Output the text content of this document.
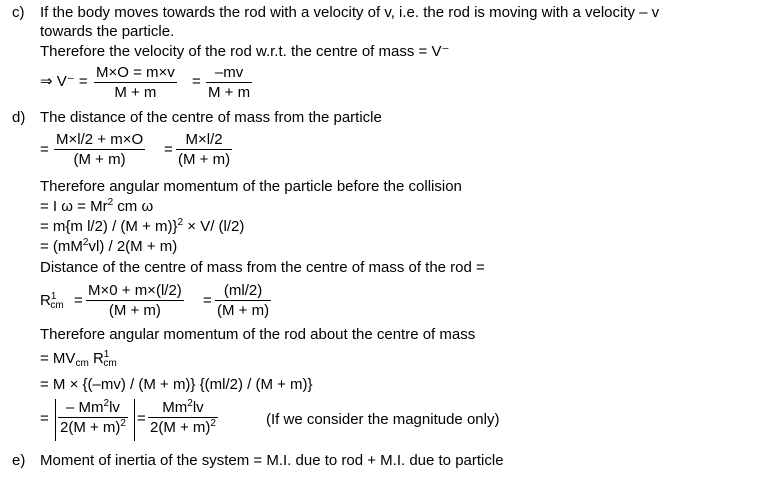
c) If the body moves towards the rod with a velocity of v, i.e. the rod is moving with a velocity – v
towards the particle.
Therefore the velocity of the rod w.r.t. the centre of mass = V⁻
⇒ $V^- = \frac{M\times O = m\times v}{M + m} = \frac{-mv}{M + m}$
d) The distance of the centre of mass from the particle
= $\frac{M\times l/2 + m\times O}{(M + m)} = \frac{M\times l/2}{(M + m)}$
Therefore angular momentum of the particle before the collision
= I $\omega = Mr^2$ cm ω
= m{m l/2) / (M + m)}$^2$ × V/ (l/2)
= $(mM^2vl) / 2(M + m)$
Distance of the centre of mass from the centre of mass of the rod =
$R^1_{cm} = \frac{M\times 0 + m\times(l/2)}{(M + m)} = \frac{(ml/2)}{(M + m)}$
Therefore angular momentum of the rod about the centre of mass
= $MV_{cm}$ $R^1_{cm}$
= M × {(–mv) / (M + m)} {(ml/2) / (M + m)}
= $\frac{- Mm^2lv}{2(M + m)^2} = \frac{Mm^2lv}{2(M + m)^2}$	(If we consider the magnitude only)
e) Moment of inertia of the system = M.I. due to rod + M.I. due to particle
